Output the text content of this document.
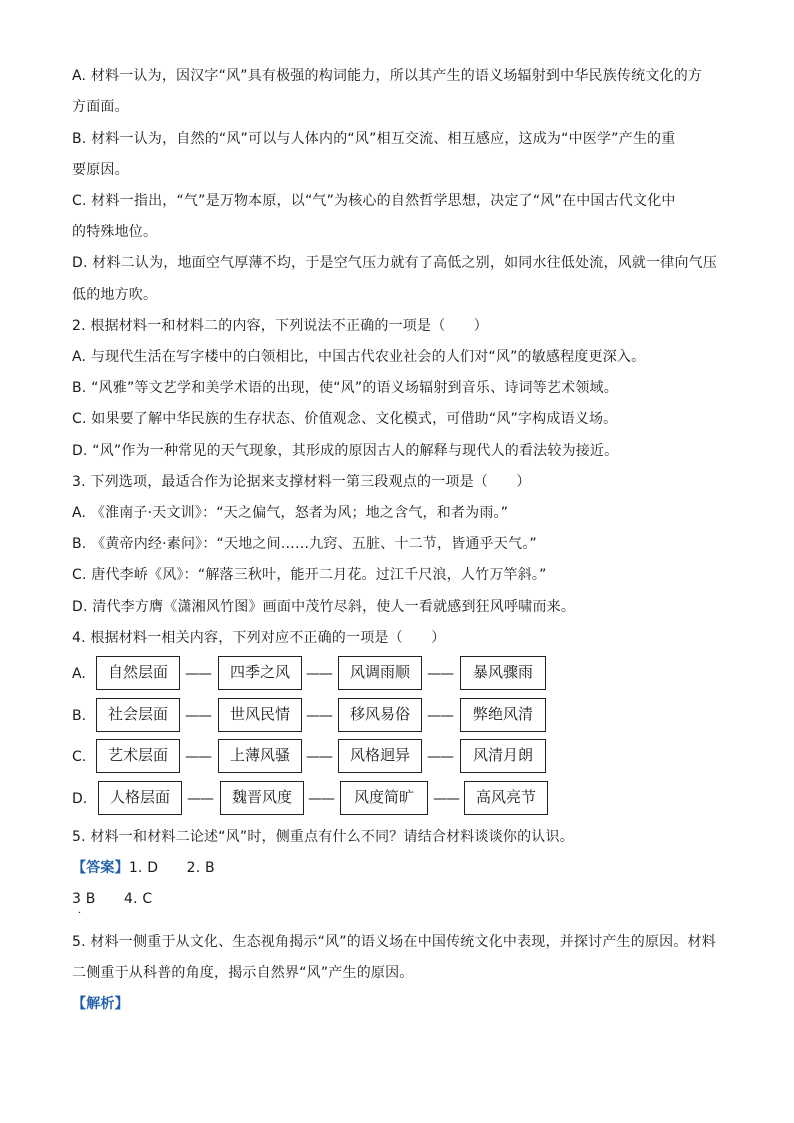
A. 材料一认为，因汉字“风”具有极强的构词能力，所以其产生的语义场辐射到中华民族传统文化的方
方面面。
B. 材料一认为，自然的“风”可以与人体内的“风”相互交流、相互感应，这成为“中医学”产生的重
要原因。
C. 材料一指出，“气”是万物本原，以“气”为核心的自然哲学思想，决定了“风”在中国古代文化中
的特殊地位。
D. 材料二认为，地面空气厚薄不均，于是空气压力就有了高低之别，如同水往低处流，风就一律向气压
低的地方吹。
2. 根据材料一和材料二的内容，下列说法不正确的一项是（　　）
A. 与现代生活在写字楼中的白领相比，中国古代农业社会的人们对“风”的敏感程度更深入。
B. “风雅”等文艺学和美学术语的出现，使“风”的语义场辐射到音乐、诗词等艺术领域。
C. 如果要了解中华民族的生存状态、价值观念、文化模式，可借助“风”字构成语义场。
D. “风”作为一种常见的天气现象，其形成的原因古人的解释与现代人的看法较为接近。
3. 下列选项，最适合作为论据来支撑材料一第三段观点的一项是（　　）
A. 《淮南子·天文训》：“天之偏气，怒者为风；地之含气，和者为雨。”
B. 《黄帝内经·素问》：“天地之间……九窍、五脏、十二节，皆通乎天气。”
C. 唐代李峤《风》：“解落三秋叶，能开二月花。过江千尺浪，人竹万竿斜。”
D. 清代李方膺《潇湘风竹图》画面中茂竹尽斜，使人一看就感到狂风呼啸而来。
4. 根据材料一相关内容，下列对应不正确的一项是（　　）
A.	自然层面	——	四季之风	——	风调雨顺	——	暴风骤雨
B.	社会层面	——	世风民情	——	移风易俗	——	弊绝风清
C.	艺术层面	——	上薄风骚	——	风格迥异	——	风清月朗
D.	人格层面	——	魏晋风度	——	风度简旷	——	高风亮节
5. 材料一和材料二论述“风”时，侧重点有什么不同？请结合材料谈谈你的认识。
【答案】1. D　　2. B
3 B　　4. C
．
5. 材料一侧重于从文化、生态视角揭示“风”的语义场在中国传统文化中表现，并探讨产生的原因。材料
二侧重于从科普的角度，揭示自然界“风”产生的原因。
【解析】
